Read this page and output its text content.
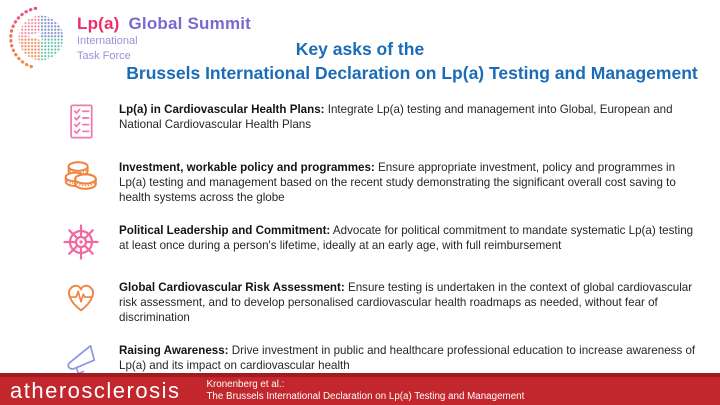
Lp(a) Global Summit
International
Task Force	Key asks of the
Brussels International Declaration on Lp(a) Testing and Management
Lp(a) in Cardiovascular Health Plans: Integrate Lp(a) testing and management into Global, European and National Cardiovascular Health Plans
Investment, workable policy and programmes: Ensure appropriate investment, policy and programmes in Lp(a) testing and management based on the recent study demonstrating the significant overall cost saving to health systems across the globe
Political Leadership and Commitment: Advocate for political commitment to mandate systematic Lp(a) testing at least once during a person's lifetime, ideally at an early age, with full reimbursement
Global Cardiovascular Risk Assessment: Ensure testing is undertaken in the context of global cardiovascular risk assessment, and to develop personalised cardiovascular health roadmaps as needed, without fear of discrimination
Raising Awareness: Drive investment in public and healthcare professional education to increase awareness of Lp(a) and its impact on cardiovascular health
atherosclerosis	Kronenberg et al.:
The Brussels International Declaration on Lp(a) Testing and Management
